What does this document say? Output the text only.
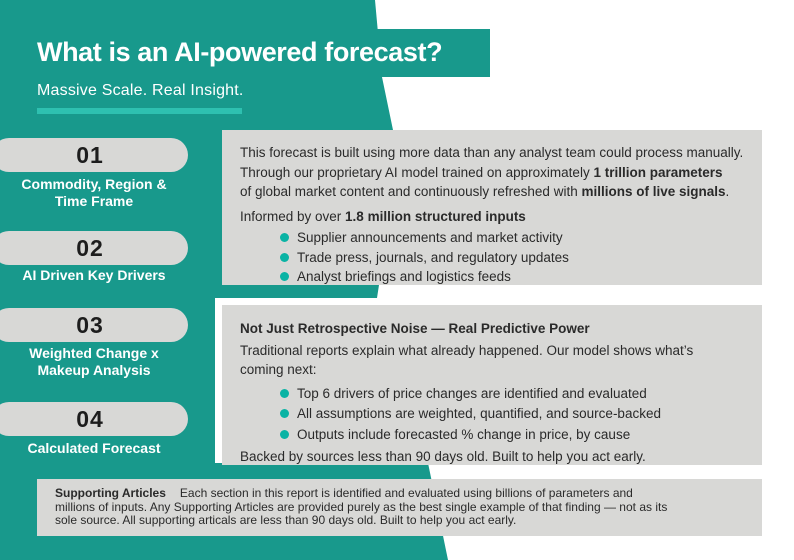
What is an AI-powered forecast?
Massive Scale. Real Insight.
01
Commodity, Region &
Time Frame
02
AI Driven Key Drivers
03
Weighted Change x
Makeup Analysis
04
Calculated Forecast
This forecast is built using more data than any analyst team could process manually.
Through our proprietary AI model trained on approximately 1 trillion parameters
of global market content and continuously refreshed with millions of live signals.
Informed by over 1.8 million structured inputs
Supplier announcements and market activity
Trade press, journals, and regulatory updates
Analyst briefings and logistics feeds
Not Just Retrospective Noise — Real Predictive Power
Traditional reports explain what already happened. Our model shows what’s
coming next:
Top 6 drivers of price changes are identified and evaluated
All assumptions are weighted, quantified, and source-backed
Outputs include forecasted % change in price, by cause
Backed by sources less than 90 days old. Built to help you act early.
Supporting Articles Each section in this report is identified and evaluated using billions of parameters and
millions of inputs. Any Supporting Articles are provided purely as the best single example of that finding — not as its
sole source. All supporting articals are less than 90 days old. Built to help you act early.
